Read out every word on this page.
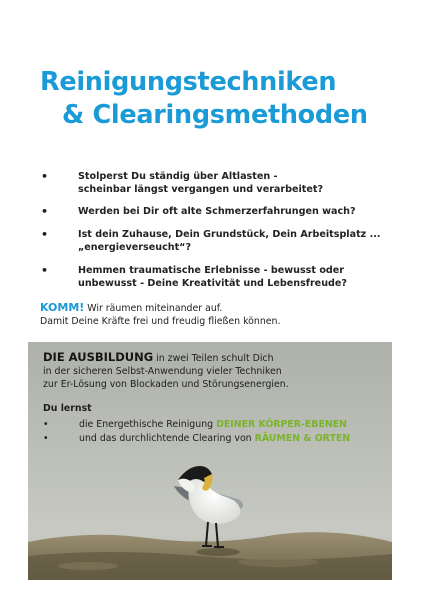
Reinigungstechniken
& Clearingsmethoden
•	Stolperst Du ständig über Altlasten -
scheinbar längst vergangen und verarbeitet?
•	Werden bei Dir oft alte Schmerzerfahrungen wach?
•	Ist dein Zuhause, Dein Grundstück, Dein Arbeitsplatz ...
„energieverseucht“?
•	Hemmen traumatische Erlebnisse - bewusst oder
unbewusst - Deine Kreativität und Lebensfreude?
KOMM! Wir räumen miteinander auf.
Damit Deine Kräfte frei und freudig fließen können.
DIE AUSBILDUNG in zwei Teilen schult Dich
in der sicheren Selbst-Anwendung vieler Techniken
zur Er-Lösung von Blockaden und Störungsenergien.
Du lernst
•	die Energethische Reinigung DEINER KÖRPER-EBENEN
•	und das durchlichtende Clearing von RÄUMEN & ORTEN
